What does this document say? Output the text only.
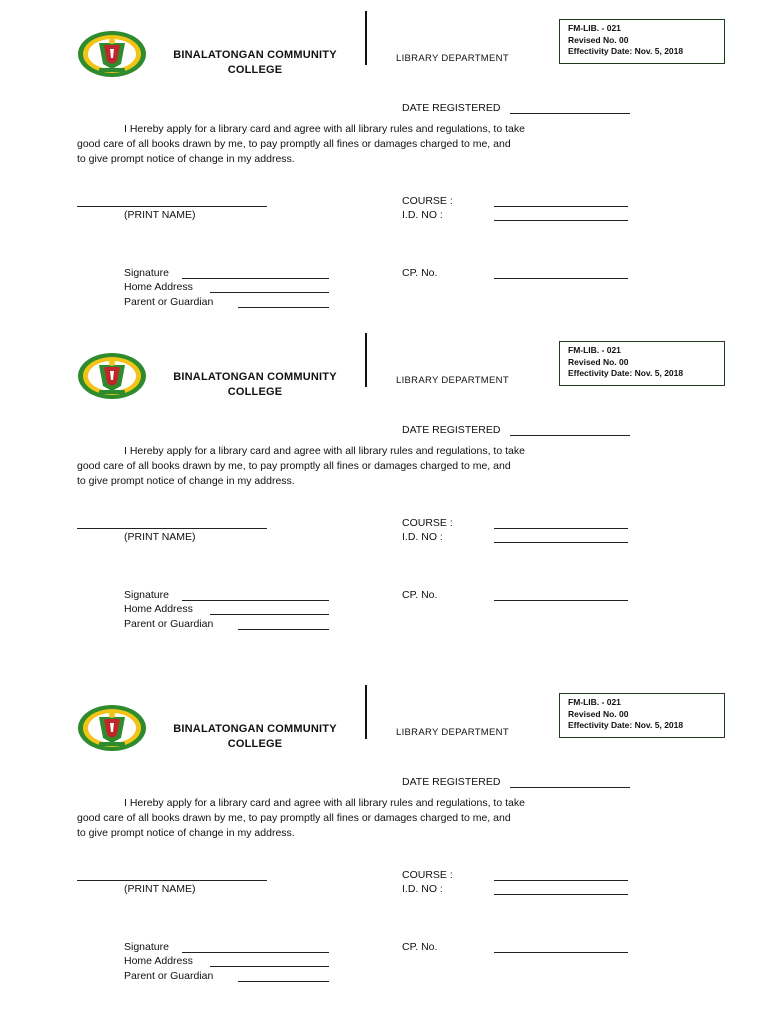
BINALATONGAN COMMUNITY
COLLEGE
LIBRARY DEPARTMENT
FM-LIB. - 021
Revised No. 00
Effectivity Date: Nov. 5, 2018
DATE REGISTERED
I Hereby apply for a library card and agree with all library rules and regulations, to take
good care of all books drawn by me, to pay promptly all fines or damages charged to me, and
to give prompt notice of change in my address.
(PRINT NAME)
COURSE :
I.D. NO :
Signature
Home Address
Parent or Guardian
CP. No.
BINALATONGAN COMMUNITY
COLLEGE
LIBRARY DEPARTMENT
FM-LIB. - 021
Revised No. 00
Effectivity Date: Nov. 5, 2018
DATE REGISTERED
I Hereby apply for a library card and agree with all library rules and regulations, to take
good care of all books drawn by me, to pay promptly all fines or damages charged to me, and
to give prompt notice of change in my address.
(PRINT NAME)
COURSE :
I.D. NO :
Signature
Home Address
Parent or Guardian
CP. No.
BINALATONGAN COMMUNITY
COLLEGE
LIBRARY DEPARTMENT
FM-LIB. - 021
Revised No. 00
Effectivity Date: Nov. 5, 2018
DATE REGISTERED
I Hereby apply for a library card and agree with all library rules and regulations, to take
good care of all books drawn by me, to pay promptly all fines or damages charged to me, and
to give prompt notice of change in my address.
(PRINT NAME)
COURSE :
I.D. NO :
Signature
Home Address
Parent or Guardian
CP. No.
